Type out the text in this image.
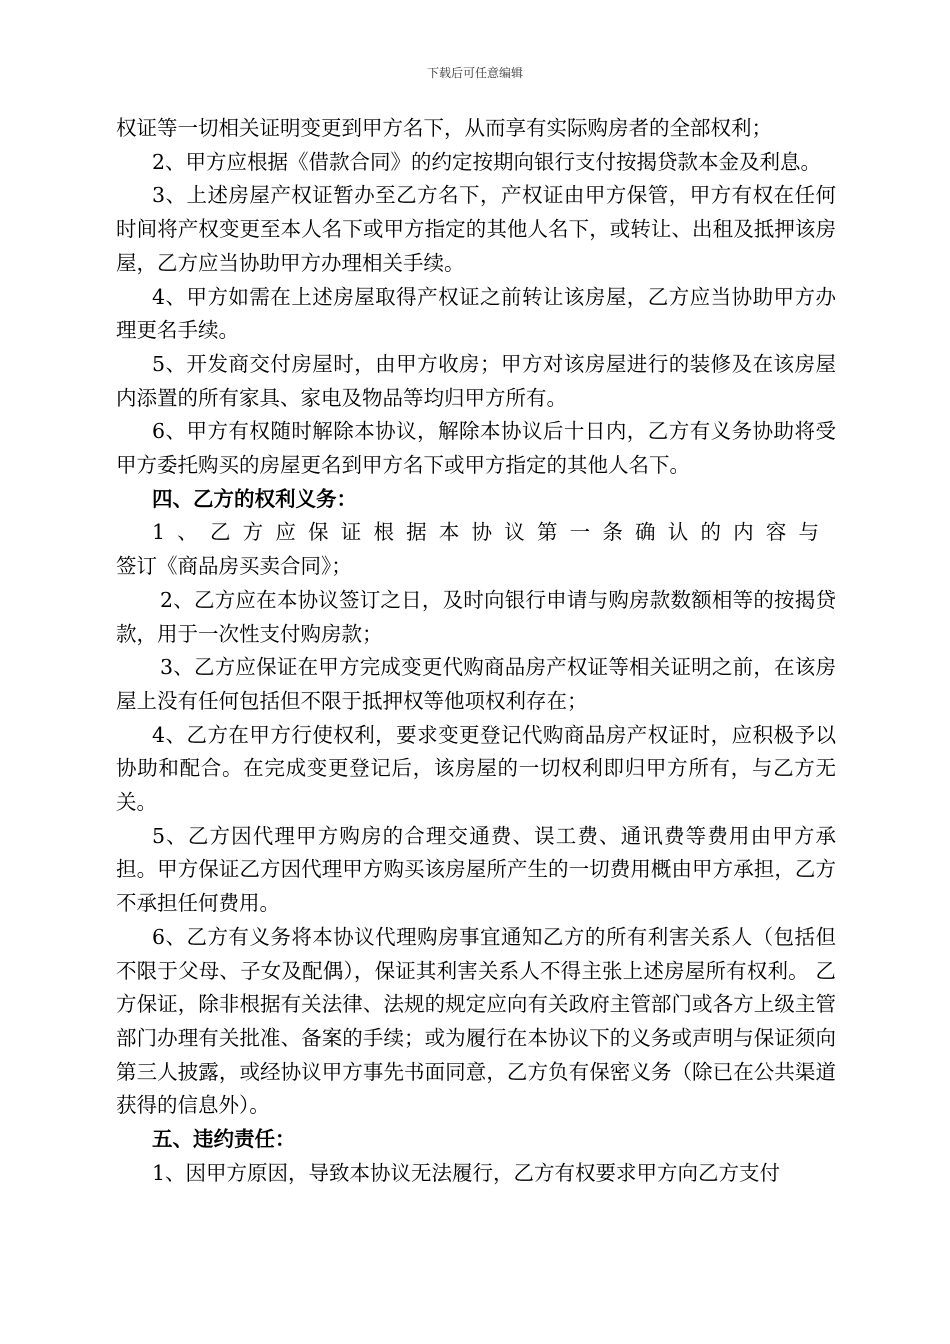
下载后可任意编辑

权证等一切相关证明变更到甲方名下，从而享有实际购房者的全部权利；

2、甲方应根据《借款合同》的约定按期向银行支付按揭贷款本金及利息。

3、上述房屋产权证暂办至乙方名下，产权证由甲方保管，甲方有权在任何时间将产权变更至本人名下或甲方指定的其他人名下，或转让、出租及抵押该房屋，乙方应当协助甲方办理相关手续。

4、甲方如需在上述房屋取得产权证之前转让该房屋，乙方应当协助甲方办理更名手续。

5、开发商交付房屋时，由甲方收房；甲方对该房屋进行的装修及在该房屋内添置的所有家具、家电及物品等均归甲方所有。

6、甲方有权随时解除本协议，解除本协议后十日内，乙方有义务协助将受甲方委托购买的房屋更名到甲方名下或甲方指定的其他人名下。

四、乙方的权利义务：

1、乙方应保证根据本协议第一条确认的内容与

签订《商品房买卖合同》；

2、乙方应在本协议签订之日，及时向银行申请与购房款数额相等的按揭贷款，用于一次性支付购房款；

3、乙方应保证在甲方完成变更代购商品房产权证等相关证明之前，在该房屋上没有任何包括但不限于抵押权等他项权利存在；

4、乙方在甲方行使权利，要求变更登记代购商品房产权证时，应积极予以协助和配合。在完成变更登记后，该房屋的一切权利即归甲方所有，与乙方无关。

5、乙方因代理甲方购房的合理交通费、误工费、通讯费等费用由甲方承担。甲方保证乙方因代理甲方购买该房屋所产生的一切费用概由甲方承担，乙方不承担任何费用。

6、乙方有义务将本协议代理购房事宜通知乙方的所有利害关系人（包括但不限于父母、子女及配偶），保证其利害关系人不得主张上述房屋所有权利。 乙方保证，除非根据有关法律、法规的规定应向有关政府主管部门或各方上级主管部门办理有关批准、备案的手续；或为履行在本协议下的义务或声明与保证须向第三人披露，或经协议甲方事先书面同意，乙方负有保密义务（除已在公共渠道获得的信息外）。

五、违约责任：

1、因甲方原因，导致本协议无法履行，乙方有权要求甲方向乙方支付
